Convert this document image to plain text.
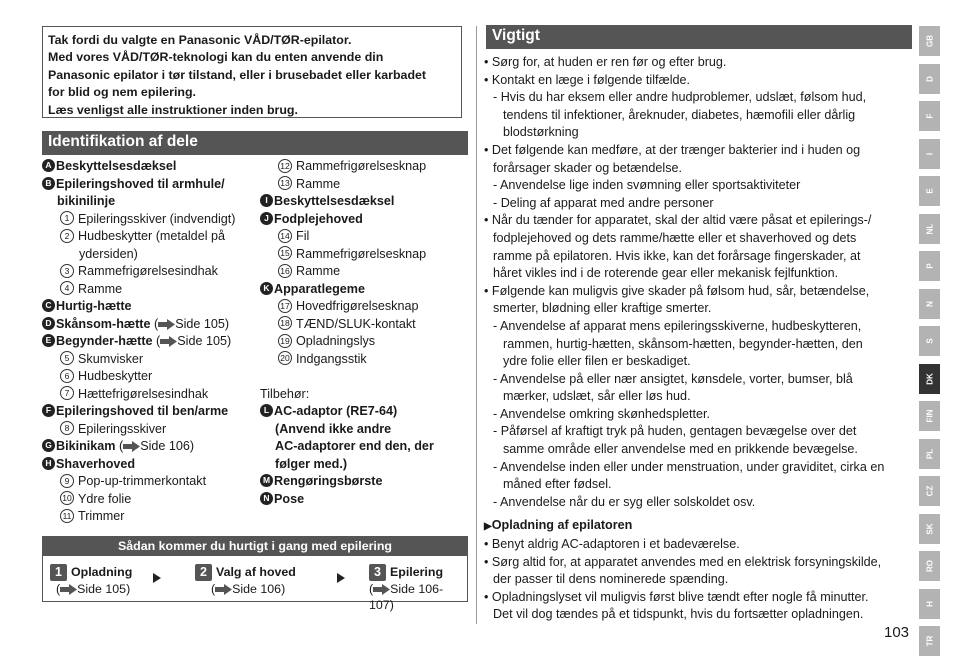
Tak fordi du valgte en Panasonic VÅD/TØR-epilator.
Med vores VÅD/TØR-teknologi kan du enten anvende din
Panasonic epilator i tør tilstand, eller i brusebadet eller karbadet
for blid og nem epilering.
Læs venligst alle instruktioner inden brug.
Identifikation af dele
A Beskyttelsesdæksel
B Epileringshoved til armhule/
bikinilinje
1 Epileringsskiver (indvendigt)
2 Hudbeskytter (metaldel på
ydersiden)
3 Rammefrigørelsesindhak
4 Ramme
C Hurtig-hætte
D Skånsom-hætte ( Side 105)
E Begynder-hætte ( Side 105)
5 Skumvisker
6 Hudbeskytter
7 Hættefrigørelsesindhak
F Epileringshoved til ben/arme
8 Epileringsskiver
G Bikinikam ( Side 106)
H Shaverhoved
9 Pop-up-trimmerkontakt
10 Ydre folie
11 Trimmer
12 Rammefrigørelsesknap
13 Ramme
I Beskyttelsesdæksel
J Fodplejehoved
14 Fil
15 Rammefrigørelsesknap
16 Ramme
K Apparatlegeme
17 Hovedfrigørelsesknap
18 TÆND/SLUK-kontakt
19 Opladningslys
20 Indgangsstik

Tilbehør:
L AC-adaptor (RE7-64)
(Anvend ikke andre
AC-adaptorer end den, der
følger med.)
M Rengøringsbørste
N Pose
Sådan kommer du hurtigt i gang med epilering
1 Opladning
( Side 105)
2 Valg af hoved
( Side 106)
3 Epilering
( Side 106-107)
Vigtigt
• Sørg for, at huden er ren før og efter brug.
• Kontakt en læge i følgende tilfælde.
- Hvis du har eksem eller andre hudproblemer, udslæt, følsom hud,
tendens til infektioner, åreknuder, diabetes, hæmofili eller dårlig
blodstørkning
• Det følgende kan medføre, at der trænger bakterier ind i huden og
forårsager skader og betændelse.
- Anvendelse lige inden svømning eller sportsaktiviteter
- Deling af apparat med andre personer
• Når du tænder for apparatet, skal der altid være påsat et epilerings-/
fodplejehoved og dets ramme/hætte eller et shaverhoved og dets
ramme på epilatoren. Hvis ikke, kan det forårsage fingerskader, at
håret vikles ind i de roterende gear eller mekanisk fejlfunktion.
• Følgende kan muligvis give skader på følsom hud, sår, betændelse,
smerter, blødning eller kraftige smerter.
- Anvendelse af apparat mens epileringsskiverne, hudbeskytteren,
rammen, hurtig-hætten, skånsom-hætten, begynder-hætten, den
ydre folie eller filen er beskadiget.
- Anvendelse på eller nær ansigtet, kønsdele, vorter, bumser, blå
mærker, udslæt, sår eller løs hud.
- Anvendelse omkring skønhedspletter.
- Påførsel af kraftigt tryk på huden, gentagen bevægelse over det
samme område eller anvendelse med en prikkende bevægelse.
- Anvendelse inden eller under menstruation, under graviditet, cirka en
måned efter fødsel.
- Anvendelse når du er syg eller solskoldet osv.
▶Opladning af epilatoren
• Benyt aldrig AC-adaptoren i et badeværelse.
• Sørg altid for, at apparatet anvendes med en elektrisk forsyningskilde,
der passer til dens nominerede spænding.
• Opladningslyset vil muligvis først blive tændt efter nogle få minutter.
Det vil dog tændes på et tidspunkt, hvis du fortsætter opladningen.
GB
D
F
I
E
NL
P
N
S
DK
FIN
PL
CZ
SK
RO
H
TR
103
